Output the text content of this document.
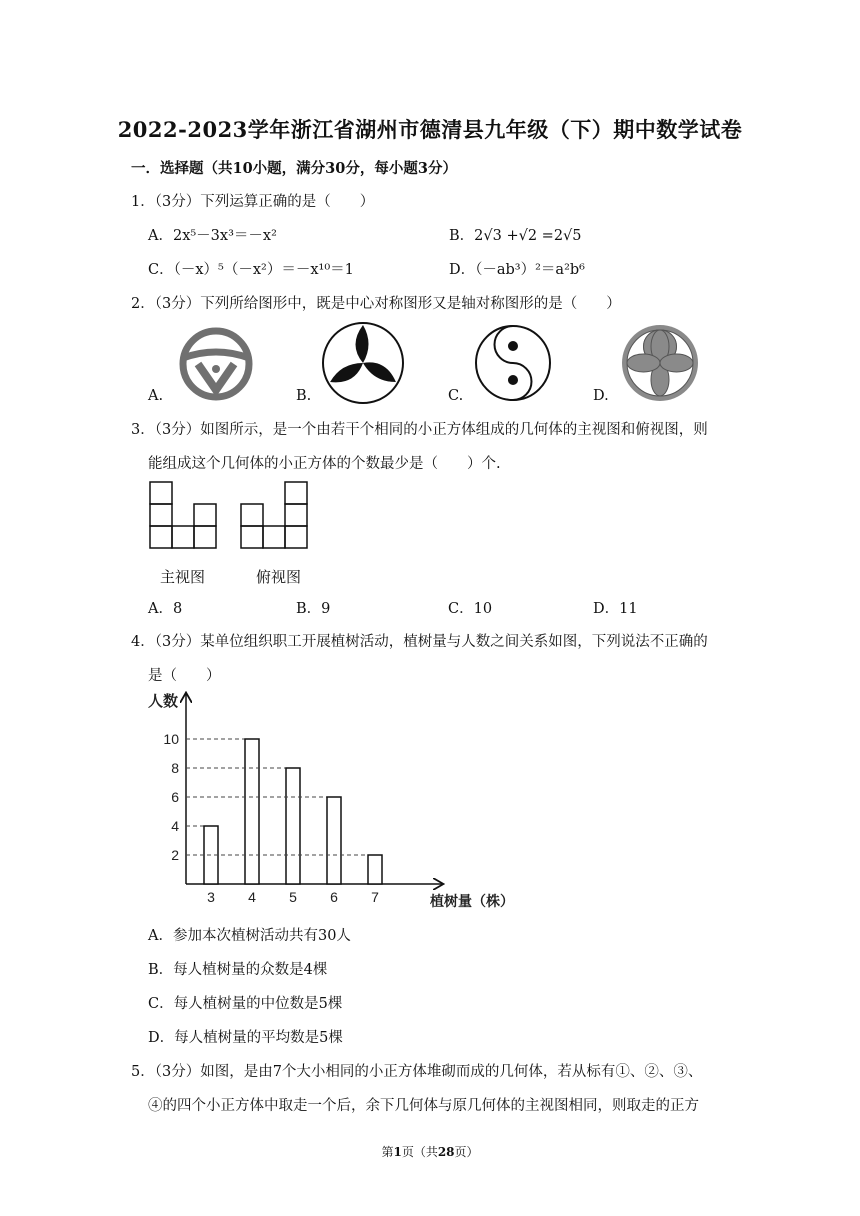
2022-2023学年浙江省湖州市德清县九年级（下）期中数学试卷
一．选择题（共10小题，满分30分，每小题3分）
1．（3分）下列运算正确的是（　　）
A．2x⁵－3x³＝－x²	B．2√3 +√2 =2√5
C．（－x）⁵（－x²）＝－x¹⁰＝1	D．（－ab³）²＝a²b⁶
2．（3分）下列所给图形中，既是中心对称图形又是轴对称图形的是（　　）
A.	B.	C.	D.
3．（3分）如图所示，是一个由若干个相同的小正方体组成的几何体的主视图和俯视图，则
能组成这个几何体的小正方体的个数最少是（　　）个.
主视图	俯视图
A．8	B．9	C．10	D．11
4．（3分）某单位组织职工开展植树活动，植树量与人数之间关系如图，下列说法不正确的
是（　　）
人数
植树量（株）
2
4
6
8
10
3 4 5 6 7
A．参加本次植树活动共有30人
B．每人植树量的众数是4棵
C．每人植树量的中位数是5棵
D．每人植树量的平均数是5棵
5．（3分）如图，是由7个大小相同的小正方体堆砌而成的几何体，若从标有①、②、③、
④的四个小正方体中取走一个后，余下几何体与原几何体的主视图相同，则取走的正方
第1页（共28页）
